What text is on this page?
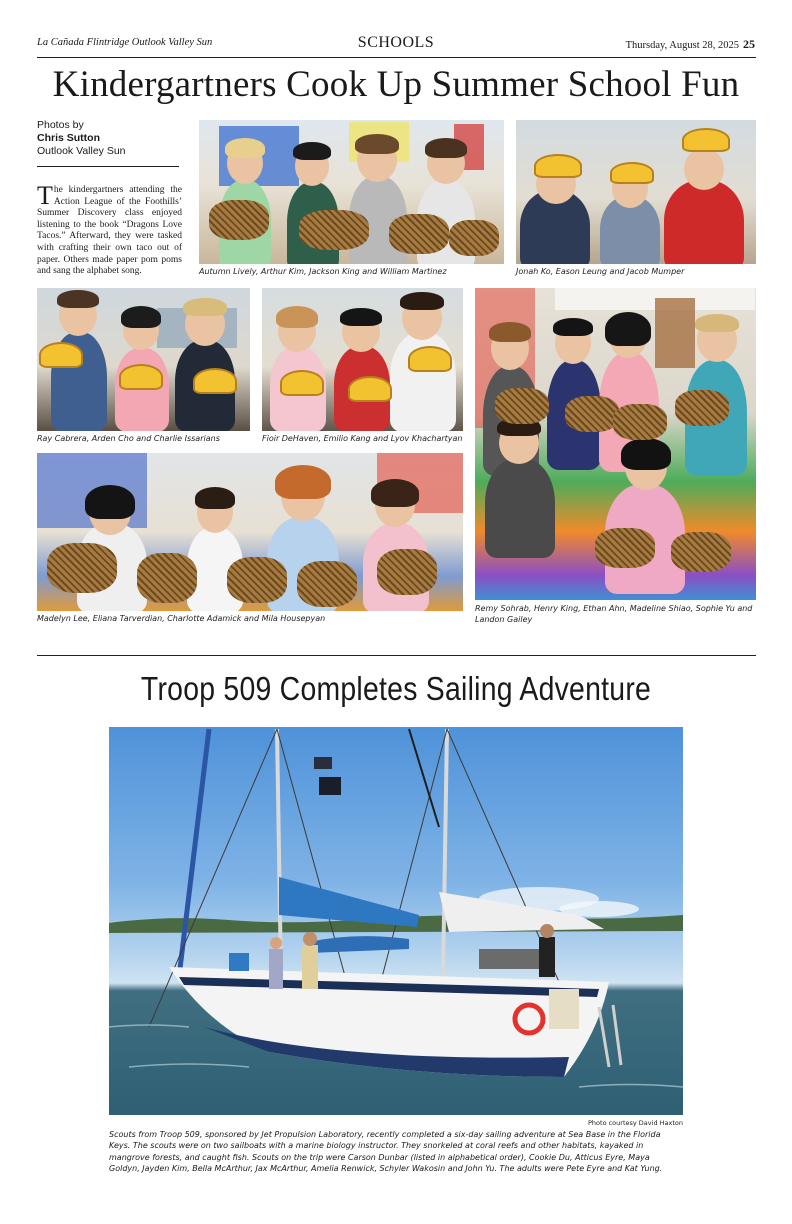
La Cañada Flintridge Outlook Valley Sun	SCHOOLS	Thursday, August 28, 2025 25
Kindergartners Cook Up Summer School Fun
Photos by
Chris Sutton
Outlook Valley Sun
The kindergartners attending the Action League of the Foothills’ Summer Discovery class enjoyed listening to the book “Dragons Love Tacos.” Afterward, they were tasked with crafting their own taco out of paper. Others made paper pom poms and sang the alphabet song.	Autumn Lively, Arthur Kim, Jackson King and William Martinez	Jonah Ko, Eason Leung and Jacob Mumper
Ray Cabrera, Arden Cho and Charlie Issarians	Fioir DeHaven, Emilio Kang and Lyov Khachartyan
Madelyn Lee, Eliana Tarverdian, Charlotte Adamick and Mila Housepyan
Remy Sohrab, Henry King, Ethan Ahn, Madeline Shiao, Sophie Yu and Landon Gailey
Troop 509 Completes Sailing Adventure
Photo courtesy David Haxton
Scouts from Troop 509, sponsored by Jet Propulsion Laboratory, recently completed a six-day sailing adventure at Sea Base in the Florida Keys. The scouts were on two sailboats with a marine biology instructor. They snorkeled at coral reefs and other habitats, kayaked in mangrove forests, and caught fish. Scouts on the trip were Carson Dunbar (listed in alphabetical order), Cookie Du, Atticus Eyre, Maya Goldyn, Jayden Kim, Bella McArthur, Jax McArthur, Amelia Renwick, Schyler Wakosin and John Yu. The adults were Pete Eyre and Kat Yung.
